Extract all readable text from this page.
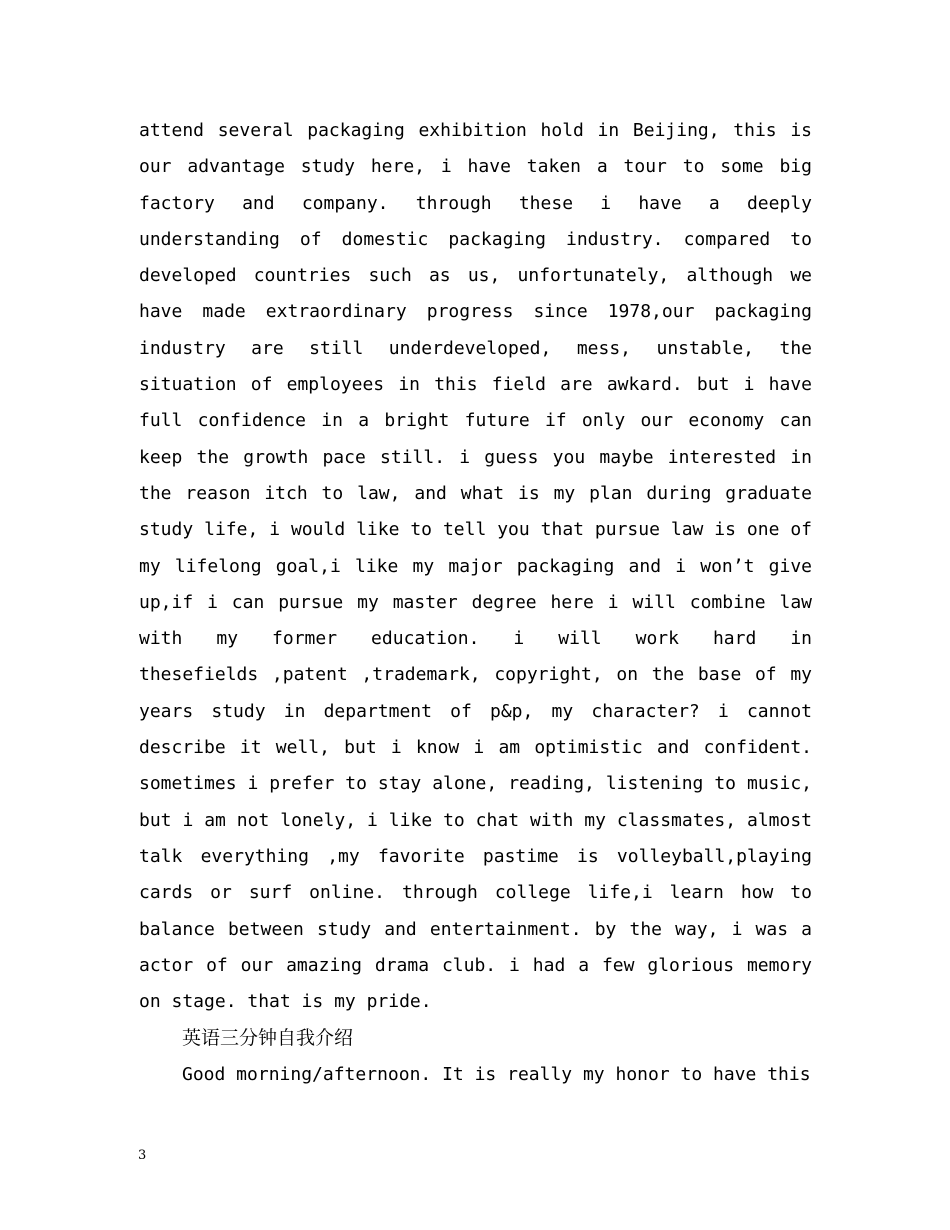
attend several packaging exhibition hold in Beijing, this is
our advantage study here, i have taken a tour to some big
factory and company. through these i have a deeply
understanding of domestic packaging industry. compared to
developed countries such as us, unfortunately, although we
have made extraordinary progress since 1978,our packaging
industry are still underdeveloped, mess, unstable, the
situation of employees in this field are awkard. but i have
full confidence in a bright future if only our economy can
keep the growth pace still. i guess you maybe interested in
the reason itch to law, and what is my plan during graduate
study life, i would like to tell you that pursue law is one of
my lifelong goal,i like my major packaging and i won’t give
up,if i can pursue my master degree here i will combine law
with my former education. i will work hard in
thesefields ,patent ,trademark, copyright, on the base of my
years study in department of p&p, my character? i cannot
describe it well, but i know i am optimistic and confident.
sometimes i prefer to stay alone, reading, listening to music,
but i am not lonely, i like to chat with my classmates, almost
talk everything ,my favorite pastime is volleyball,playing
cards or surf online. through college life,i learn how to
balance between study and entertainment. by the way, i was a
actor of our amazing drama club. i had a few glorious memory
on stage. that is my pride.
英语三分钟自我介绍
Good morning/afternoon. It is really my honor to have this
3
